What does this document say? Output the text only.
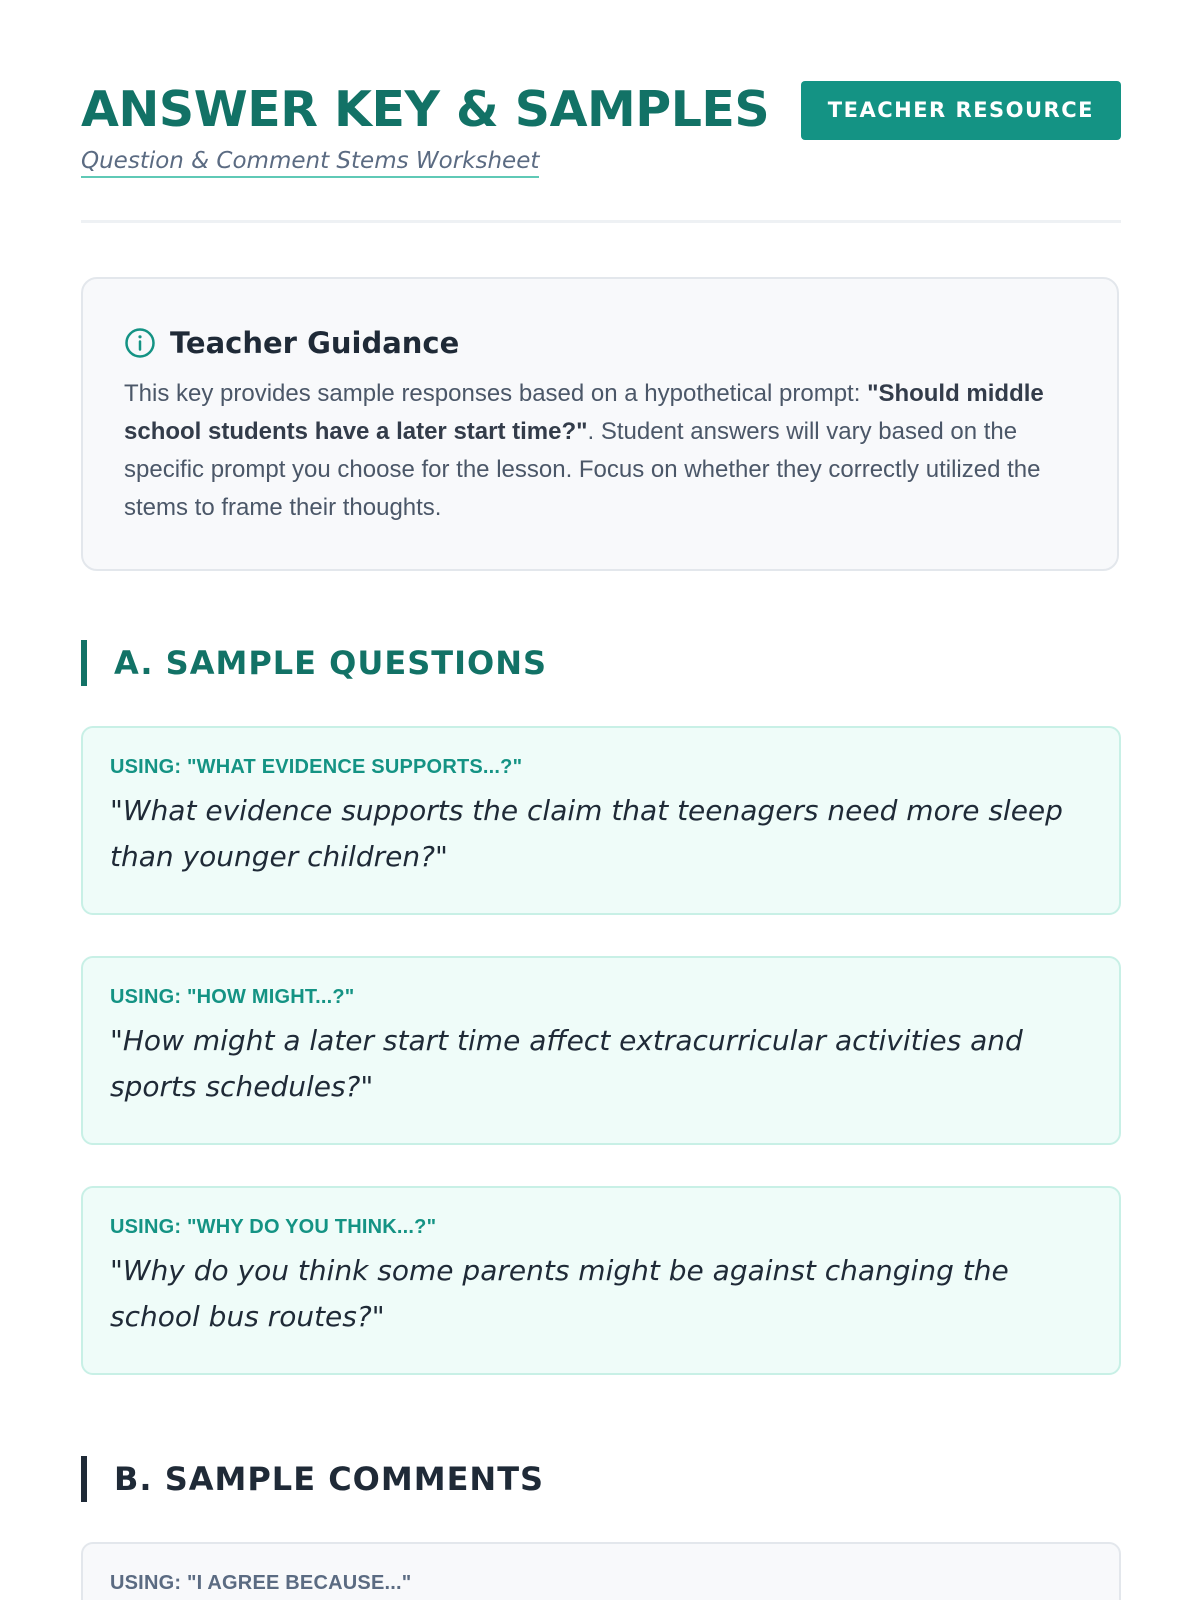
ANSWER KEY & SAMPLES
Question & Comment Stems Worksheet
TEACHER RESOURCE
Teacher Guidance
This key provides sample responses based on a hypothetical prompt: "Should middle school students have a later start time?". Student answers will vary based on the specific prompt you choose for the lesson. Focus on whether they correctly utilized the stems to frame their thoughts.
A. SAMPLE QUESTIONS
USING: "WHAT EVIDENCE SUPPORTS...?"
"What evidence supports the claim that teenagers need more sleep than younger children?"
USING: "HOW MIGHT...?"
"How might a later start time affect extracurricular activities and sports schedules?"
USING: "WHY DO YOU THINK...?"
"Why do you think some parents might be against changing the school bus routes?"
B. SAMPLE COMMENTS
USING: "I AGREE BECAUSE..."
